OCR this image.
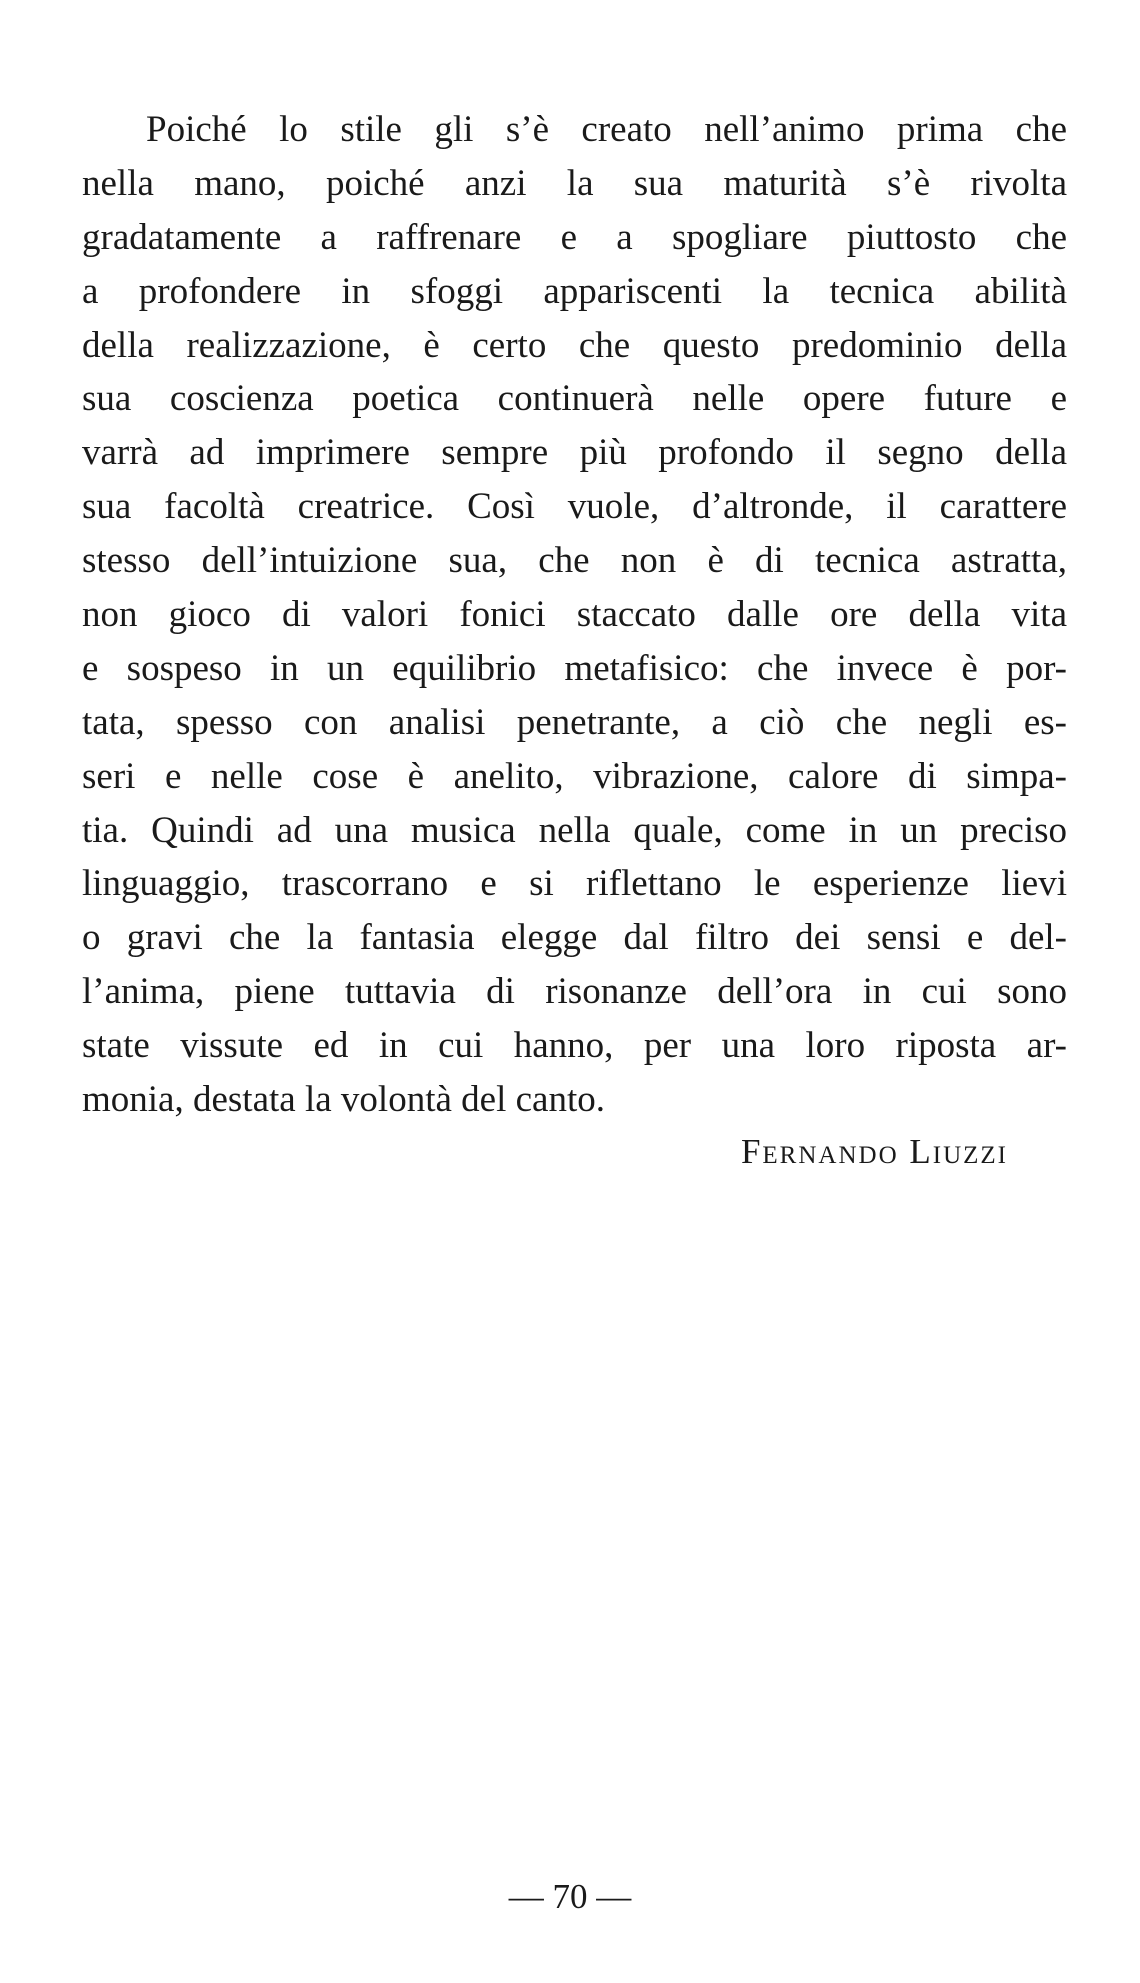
Poiché lo stile gli s’è creato nell’animo prima che
nella mano, poiché anzi la sua maturità s’è rivolta
gradatamente a raffrenare e a spogliare piuttosto che
a profondere in sfoggi appariscenti la tecnica abilità
della realizzazione, è certo che questo predominio della
sua coscienza poetica continuerà nelle opere future e
varrà ad imprimere sempre più profondo il segno della
sua facoltà creatrice. Così vuole, d’altronde, il carattere
stesso dell’intuizione sua, che non è di tecnica astratta,
non gioco di valori fonici staccato dalle ore della vita
e sospeso in un equilibrio metafisico: che invece è por-
tata, spesso con analisi penetrante, a ciò che negli es-
seri e nelle cose è anelito, vibrazione, calore di simpa-
tia. Quindi ad una musica nella quale, come in un preciso
linguaggio, trascorrano e si riflettano le esperienze lievi
o gravi che la fantasia elegge dal filtro dei sensi e del-
l’anima, piene tuttavia di risonanze dell’ora in cui sono
state vissute ed in cui hanno, per una loro riposta ar-
monia, destata la volontà del canto.
Fernando Liuzzi
— 70 —
